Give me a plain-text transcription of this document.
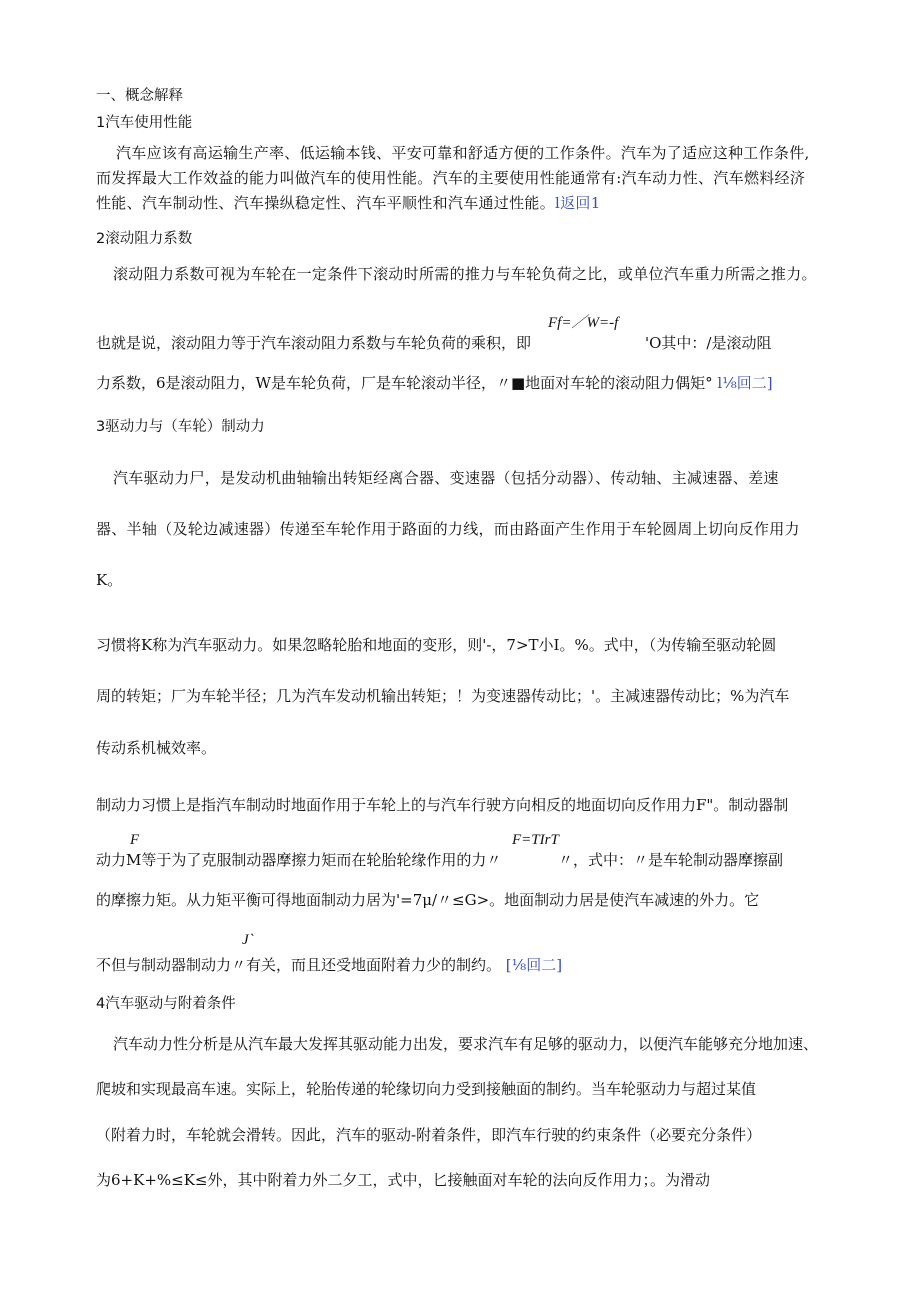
一、概念解释
1汽车使用性能
汽车应该有高运输生产率、低运输本钱、平安可靠和舒适方便的工作条件。汽车为了适应这种工作条件,
而发挥最大工作效益的能力叫做汽车的使用性能。汽车的主要使用性能通常有:汽车动力性、汽车燃料经济
性能、汽车制动性、汽车操纵稳定性、汽车平顺性和汽车通过性能。l返回1
2滚动阻力系数
滚动阻力系数可视为车轮在一定条件下滚动时所需的推力与车轮负荷之比，或单位汽车重力所需之推力。
Ff=／W=-f
也就是说，滚动阻力等于汽车滚动阻力系数与车轮负荷的乘积，即	'O其中：/是滚动阻
力系数，6是滚动阻力，W是车轮负荷，厂是车轮滚动半径，〃■地面对车轮的滚动阻力偶矩° l⅛回二]
3驱动力与（车轮）制动力
汽车驱动力尸，是发动机曲轴输出转矩经离合器、变速器（包括分动器）、传动轴、主减速器、差速
器、半轴（及轮边减速器）传递至车轮作用于路面的力线，而由路面产生作用于车轮圆周上切向反作用力
K。
习惯将K称为汽车驱动力。如果忽略轮胎和地面的变形，则'-，7>T小I。%。式中，（为传输至驱动轮圆
周的转矩；厂为车轮半径；几为汽车发动机输出转矩；！为变速器传动比；'。主减速器传动比；%为汽车
传动系机械效率。
制动力习惯上是指汽车制动时地面作用于车轮上的与汽车行驶方向相反的地面切向反作用力F"。制动器制
F	F=TIrT
动力M等于为了克服制动器摩擦力矩而在轮胎轮缘作用的力〃	〃，式中：〃是车轮制动器摩擦副
的摩擦力矩。从力矩平衡可得地面制动力居为'=7μ/〃≤G>。地面制动力居是使汽车减速的外力。它
J`
不但与制动器制动力〃有关，而且还受地面附着力少的制约。 [⅛回二]
4汽车驱动与附着条件
汽车动力性分析是从汽车最大发挥其驱动能力出发，要求汽车有足够的驱动力，以便汽车能够充分地加速、
爬坡和实现最高车速。实际上，轮胎传递的轮缘切向力受到接触面的制约。当车轮驱动力与超过某值
（附着力时，车轮就会滑转。因此，汽车的驱动-附着条件，即汽车行驶的约束条件（必要充分条件）
为6+K+%≤K≤外，其中附着力外二夕工，式中，匕接触面对车轮的法向反作用力；。为滑动
